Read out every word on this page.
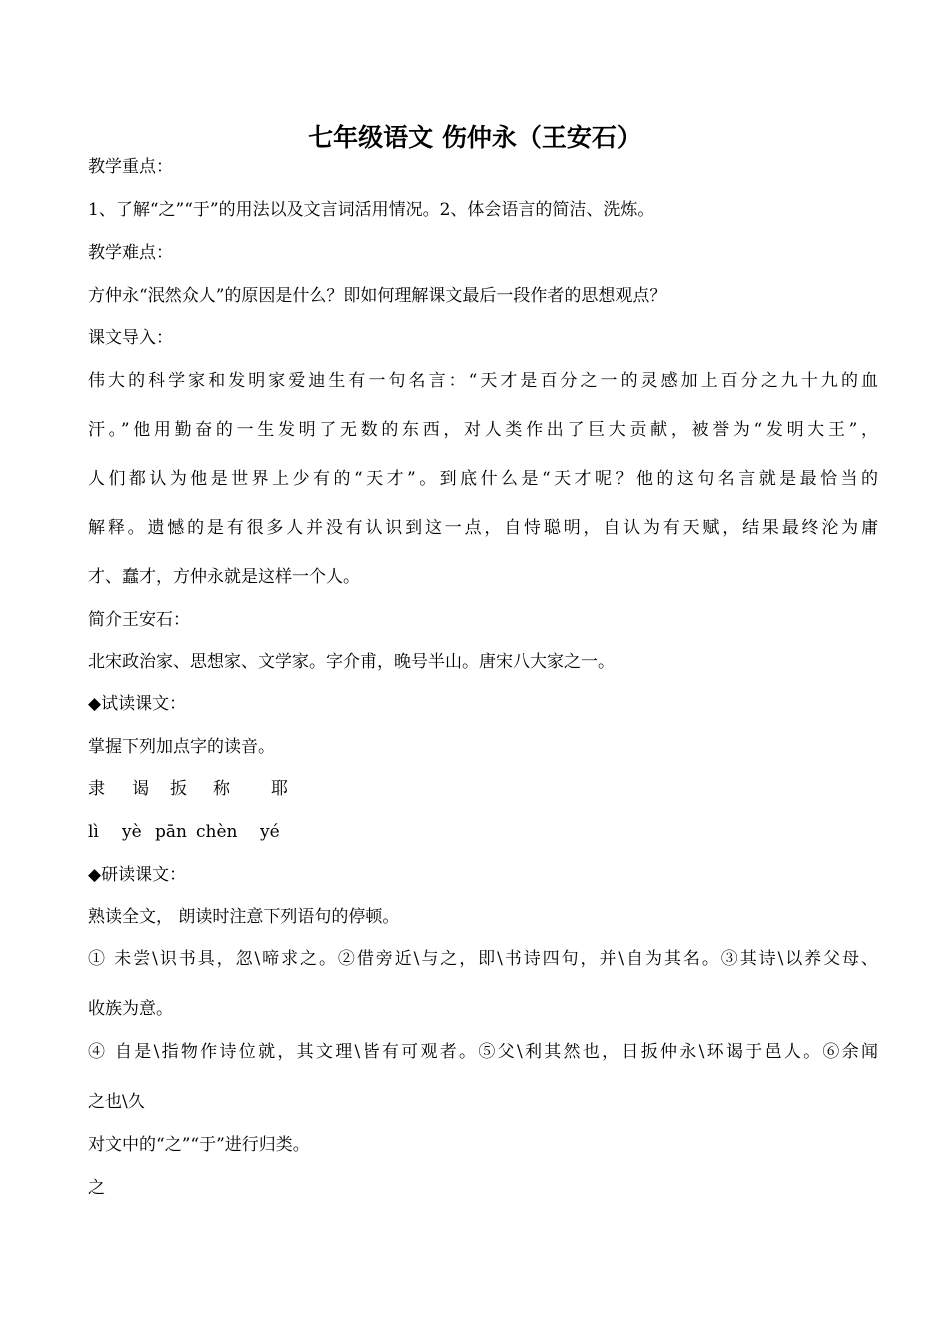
七年级语文 伤仲永（王安石）
教学重点：
1、了解“之”“于”的用法以及文言词活用情况。2、体会语言的简洁、洗炼。
教学难点：
方仲永“泯然众人”的原因是什么？即如何理解课文最后一段作者的思想观点？
课文导入：
伟大的科学家和发明家爱迪生有一句名言：“天才是百分之一的灵感加上百分之九十九的血
汗。”他用勤奋的一生发明了无数的东西，对人类作出了巨大贡献，被誉为“发明大王”，
人们都认为他是世界上少有的“天才”。到底什么是“天才呢？他的这句名言就是最恰当的
解释。遗憾的是有很多人并没有认识到这一点，自恃聪明，自认为有天赋，结果最终沦为庸
才、蠢才，方仲永就是这样一个人。
简介王安石：
北宋政治家、思想家、文学家。字介甫，晚号半山。唐宋八大家之一。
◆试读课文：
掌握下列加点字的读音。
隶 谒 扳 称 耶
lì yè pān chèn yé
◆研读课文：
熟读全文， 朗读时注意下列语句的停顿。
① 未尝\识书具，忽\啼求之。②借旁近\与之，即\书诗四句，并\自为其名。③其诗\以养父母、
收族为意。
④ 自是\指物作诗位就，其文理\皆有可观者。⑤父\利其然也，日扳仲永\环谒于邑人。⑥余闻
之也\久
对文中的“之”“于”进行归类。
之
